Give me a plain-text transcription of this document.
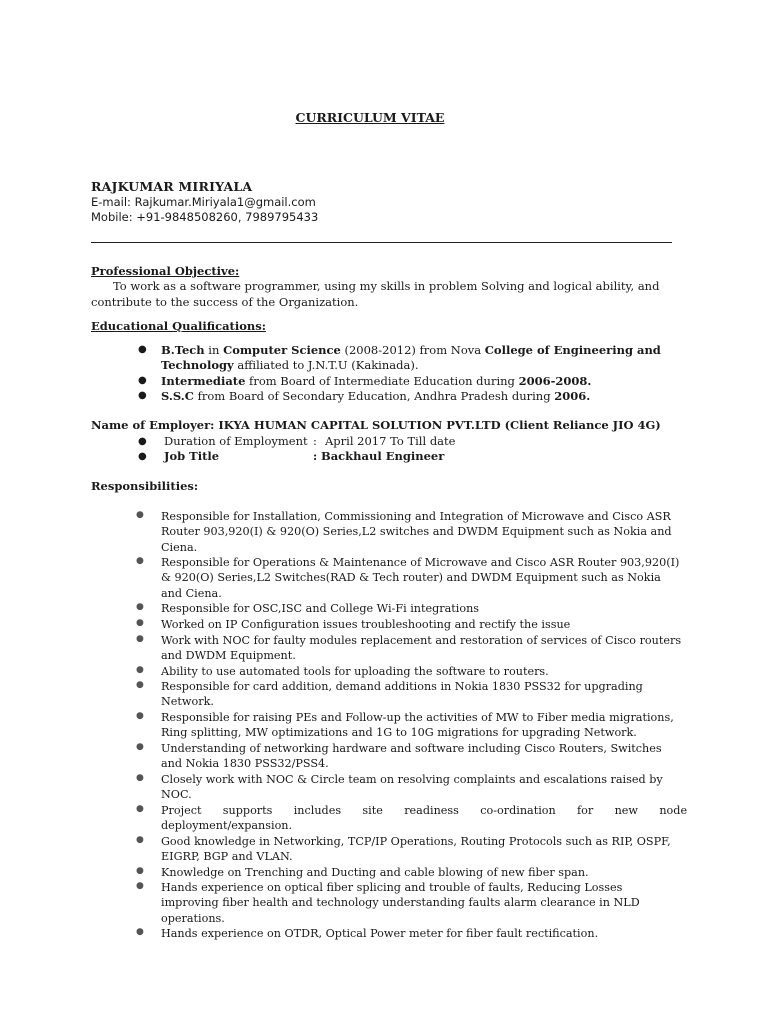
CURRICULUM VITAE
RAJKUMAR MIRIYALA
E-mail: Rajkumar.Miriyala1@gmail.com
Mobile: +91-9848508260, 7989795433
Professional Objective:
To work as a software programmer, using my skills in problem Solving and logical ability, and
contribute to the success of the Organization.
Educational Qualifications:
● B.Tech in Computer Science (2008-2012) from Nova College of Engineering and
Technology affiliated to J.N.T.U (Kakinada).
● Intermediate from Board of Intermediate Education during 2006-2008.
● S.S.C from Board of Secondary Education, Andhra Pradesh during 2006.
Name of Employer: IKYA HUMAN CAPITAL SOLUTION PVT.LTD (Client Reliance JIO 4G)
● Duration of Employment : April 2017 To Till date
● Job Title	: Backhaul Engineer
Responsibilities:
● Responsible for Installation, Commissioning and Integration of Microwave and Cisco ASR
Router 903,920(I) & 920(O) Series,L2 switches and DWDM Equipment such as Nokia and
Ciena.
● Responsible for Operations & Maintenance of Microwave and Cisco ASR Router 903,920(I)
& 920(O) Series,L2 Switches(RAD & Tech router) and DWDM Equipment such as Nokia
and Ciena.
● Responsible for OSC,ISC and College Wi-Fi integrations
● Worked on IP Configuration issues troubleshooting and rectify the issue
● Work with NOC for faulty modules replacement and restoration of services of Cisco routers
and DWDM Equipment.
● Ability to use automated tools for uploading the software to routers.
● Responsible for card addition, demand additions in Nokia 1830 PSS32 for upgrading
Network.
● Responsible for raising PEs and Follow-up the activities of MW to Fiber media migrations,
Ring splitting, MW optimizations and 1G to 10G migrations for upgrading Network.
● Understanding of networking hardware and software including Cisco Routers, Switches
and Nokia 1830 PSS32/PSS4.
● Closely work with NOC & Circle team on resolving complaints and escalations raised by
NOC.
● Project      supports      includes      site      readiness      co-ordination      for      new      node
deployment/expansion.
● Good knowledge in Networking, TCP/IP Operations, Routing Protocols such as RIP, OSPF,
EIGRP, BGP and VLAN.
● Knowledge on Trenching and Ducting and cable blowing of new fiber span.
● Hands experience on optical fiber splicing and trouble of faults, Reducing Losses
improving fiber health and technology understanding faults alarm clearance in NLD
operations.
● Hands experience on OTDR, Optical Power meter for fiber fault rectification.
